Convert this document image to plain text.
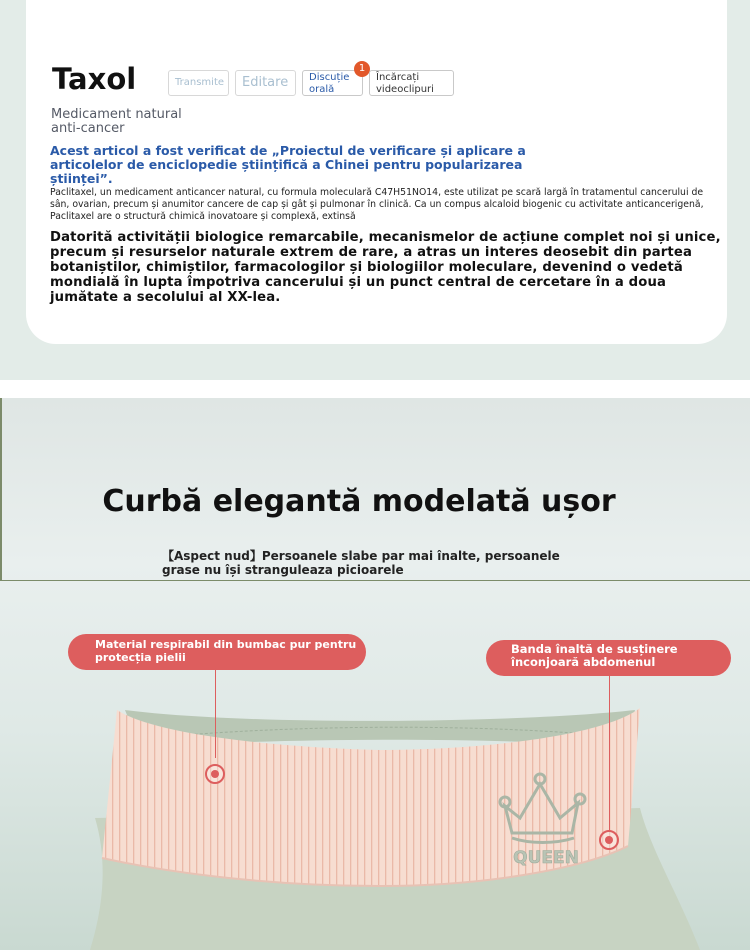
Taxol	Transmite	Editare	Discuție orală
1
Încărcați videoclipuri
Medicament natural anti-cancer
Acest articol a fost verificat de „Proiectul de verificare și aplicare a articolelor de enciclopedie științifică a Chinei pentru popularizarea științei”.
Paclitaxel, un medicament anticancer natural, cu formula moleculară C47H51NO14, este utilizat pe scară largă în tratamentul cancerului de sân, ovarian, precum și anumitor cancere de cap și gât și pulmonar în clinică. Ca un compus alcaloid biogenic cu activitate anticancerigenă, Paclitaxel are o structură chimică inovatoare și complexă, extinsă
Datorită activității biologice remarcabile, mecanismelor de acțiune complet noi și unice, precum și resurselor naturale extrem de rare, a atras un interes deosebit din partea botaniștilor, chimiștilor, farmacologilor și biologiilor moleculare, devenind o vedetă mondială în lupta împotriva cancerului și un punct central de cercetare în a doua jumătate a secolului al XX-lea.
Curbă elegantă modelată ușor
【Aspect nud】Persoanele slabe par mai înalte, persoanele grase nu își stranguleaza picioarele
QUEEN
Material respirabil din bumbac pur pentru protecția pielii
Banda înaltă de susținere înconjoară abdomenul
